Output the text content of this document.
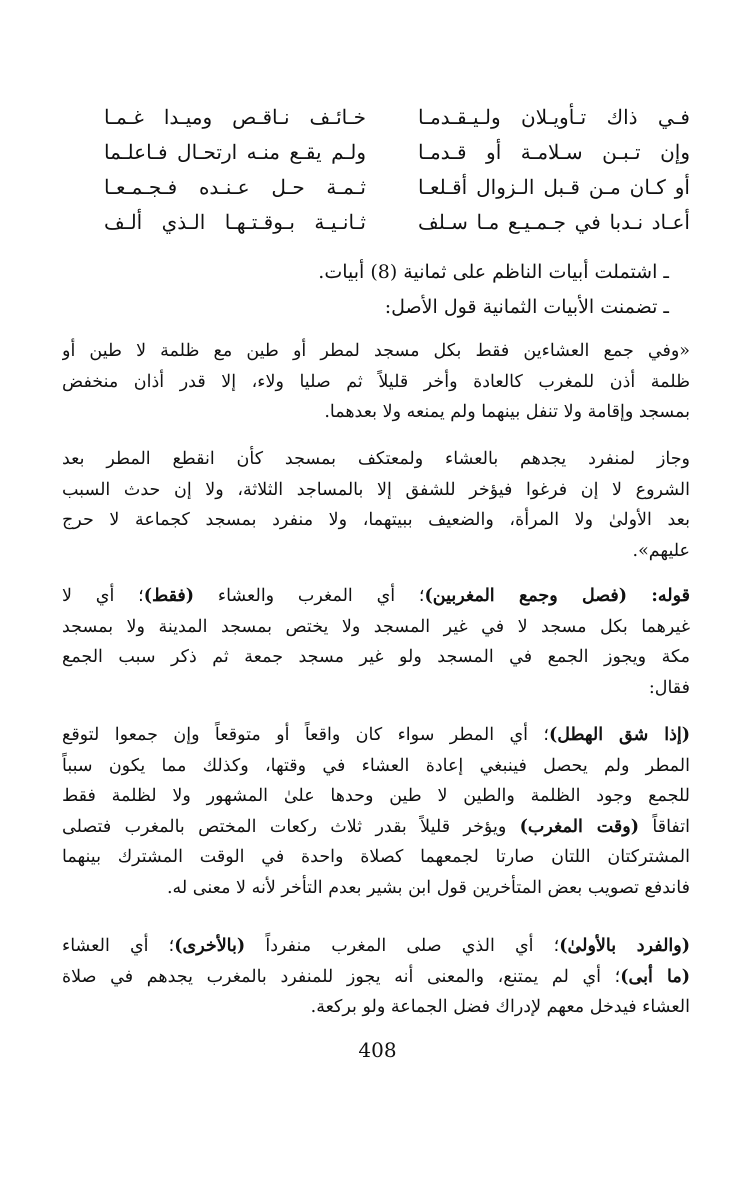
فـي ذاك تـأويـلان ولـيـقـدمـا
خـائـف نـاقـص وميـدا غـمـا
وإن تـبـن سـلامـة أو قـدمـا
ولـم يقـع منـه ارتحـال فـاعلـما
أو كـان مـن قـبل الـزوال أقـلعـا
ثـمـة حـل عـنـده فـجـمـعـا
أعـاد نـدبا في جـمـيـع مـا سـلف
ثـانـيـة بـوقـتـهـا الـذي ألـف
ـ اشتملت أبيات الناظم على ثمانية (8) أبيات.
ـ تضمنت الأبيات الثمانية قول الأصل:
«وفي جمع العشاءين فقط بكل مسجد لمطر أو طين مع ظلمة لا طين أو
ظلمة أذن للمغرب كالعادة وأخر قليلاً ثم صليا ولاء، إلا قدر أذان منخفض
بمسجد وإقامة ولا تنفل بينهما ولم يمنعه ولا بعدهما.
وجاز لمنفرد يجدهم بالعشاء ولمعتكف بمسجد كأن انقطع المطر بعد
الشروع لا إن فرغوا فيؤخر للشفق إلا بالمساجد الثلاثة، ولا إن حدث السبب
بعد الأولىٰ ولا المرأة، والضعيف ببيتهما، ولا منفرد بمسجد كجماعة لا حرج
عليهم».
قوله: (فصل وجمع المغربين)؛ أي المغرب والعشاء (فقط)؛ أي لا
غيرهما بكل مسجد لا في غير المسجد ولا يختص بمسجد المدينة ولا بمسجد
مكة ويجوز الجمع في المسجد ولو غير مسجد جمعة ثم ذكر سبب الجمع
فقال:
(إذا شق الهطل)؛ أي المطر سواء كان واقعاً أو متوقعاً وإن جمعوا لتوقع
المطر ولم يحصل فينبغي إعادة العشاء في وقتها، وكذلك مما يكون سبباً
للجمع وجود الظلمة والطين لا طين وحدها علىٰ المشهور ولا لظلمة فقط
اتفاقاً (وقت المغرب) ويؤخر قليلاً بقدر ثلاث ركعات المختص بالمغرب فتصلى
المشتركتان اللتان صارتا لجمعهما كصلاة واحدة في الوقت المشترك بينهما
فاندفع تصويب بعض المتأخرين قول ابن بشير بعدم التأخر لأنه لا معنى له.
(والفرد بالأولىٰ)؛ أي الذي صلى المغرب منفرداً (بالأخرى)؛ أي العشاء
(ما أبى)؛ أي لم يمتنع، والمعنى أنه يجوز للمنفرد بالمغرب يجدهم في صلاة
العشاء فيدخل معهم لإدراك فضل الجماعة ولو بركعة.
408
